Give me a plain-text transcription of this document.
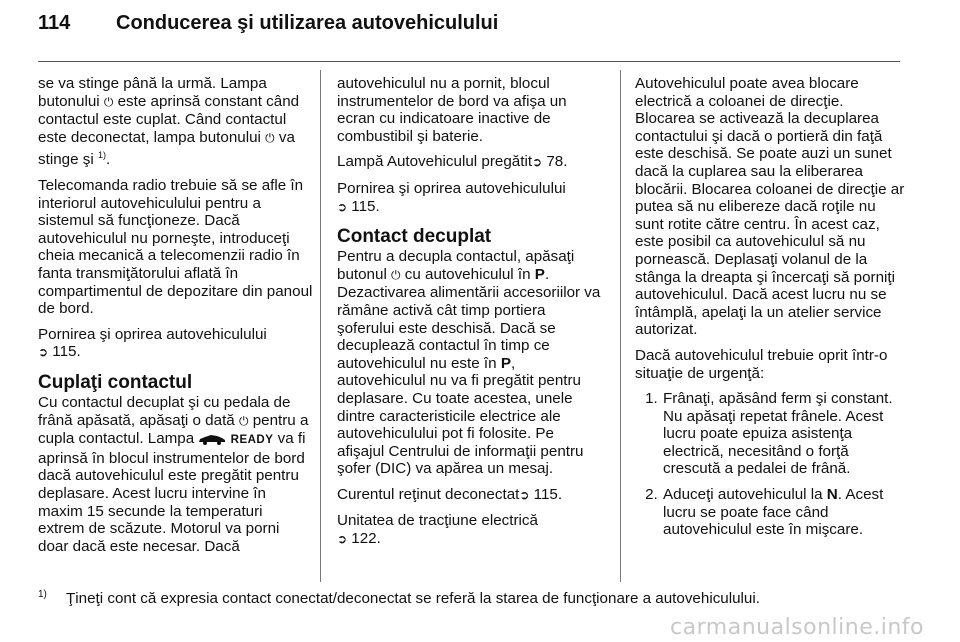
114 Conducerea şi utilizarea autovehiculului

se va stinge până la urmă. Lampa butonului ⏻ este aprinsă constant când contactul este cuplat. Când contactul este deconectat, lampa butonului ⏻ va stinge şi $^{1)}$.

Telecomanda radio trebuie să se afle în interiorul autovehiculului pentru a sistemul să funcţioneze. Dacă autovehiculul nu porneşte, introduceţi cheia mecanică a telecomenzii radio în fanta transmiţătorului aflată în compartimentul de depozitare din panoul de bord.

Pornirea şi oprirea autovehiculului
➲ 115.

Cuplaţi contactul

Cu contactul decuplat şi cu pedala de frână apăsată, apăsaţi o dată ⏻ pentru a cupla contactul. Lampa	READY va fi aprinsă în blocul instrumentelor de bord dacă autovehiculul este pregătit pentru deplasare. Acest lucru intervine în maxim 15 secunde la temperaturi extrem de scăzute. Motorul va porni doar dacă este necesar. Dacă

autovehiculul nu a pornit, blocul instrumentelor de bord va afişa un ecran cu indicatoare inactive de combustibil şi baterie.

Lampă Autovehiculul pregătit➲ 78.

Pornirea şi oprirea autovehiculului
➲ 115.

Contact decuplat

Pentru a decupla contactul, apăsaţi butonul ⏻ cu autovehiculul în P. Dezactivarea alimentării accesoriilor va rămâne activă cât timp portiera şoferului este deschisă. Dacă se decuplează contactul în timp ce autovehiculul nu este în P, autovehiculul nu va fi pregătit pentru deplasare. Cu toate acestea, unele dintre caracteristicile electrice ale autovehiculului pot fi folosite. Pe afişajul Centrului de informaţii pentru şofer (DIC) va apărea un mesaj.

Curentul reţinut deconectat➲ 115.

Unitatea de tracţiune electrică
➲ 122.

Autovehiculul poate avea blocare electrică a coloanei de direcţie. Blocarea se activează la decuplarea contactului şi dacă o portieră din faţă este deschisă. Se poate auzi un sunet dacă la cuplarea sau la eliberarea blocării. Blocarea coloanei de direcţie ar putea să nu elibereze dacă roţile nu sunt rotite către centru. În acest caz, este posibil ca autovehiculul să nu pornească. Deplasaţi volanul de la stânga la dreapta şi încercaţi să porniţi autovehiculul. Dacă acest lucru nu se întâmplă, apelaţi la un atelier service autorizat.

Dacă autovehiculul trebuie oprit într-o situaţie de urgenţă:

1. Frânaţi, apăsând ferm şi constant. Nu apăsaţi repetat frânele. Acest lucru poate epuiza asistenţa electrică, necesitând o forţă crescută a pedalei de frână.
2. Aduceţi autovehiculul la N. Acest lucru se poate face când autovehiculul este în mişcare.
1) Ţineţi cont că expresia contact conectat/deconectat se referă la starea de funcţionare a autovehiculului.
carmanualsonline.info
